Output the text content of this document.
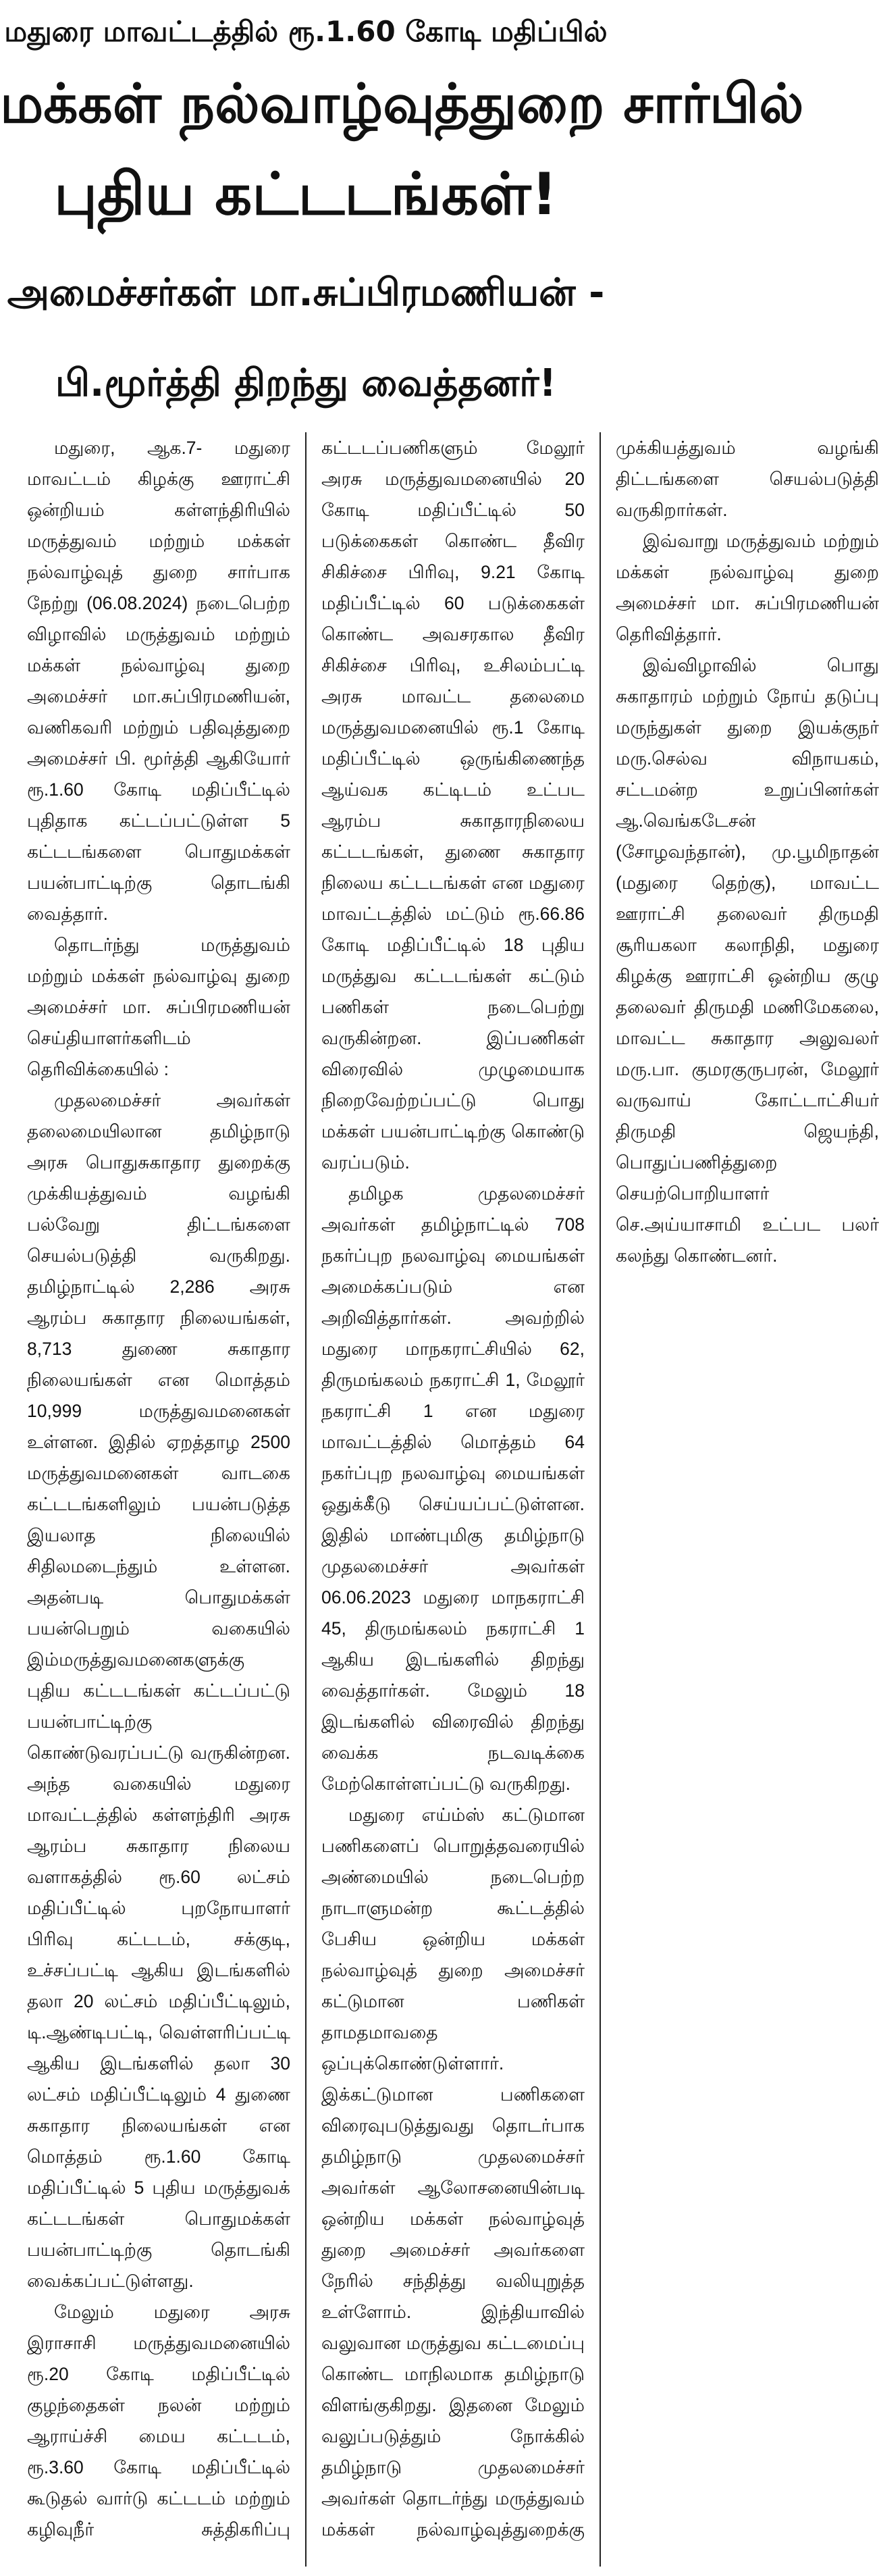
மதுரை மாவட்டத்தில் ரூ.1.60 கோடி மதிப்பில்
மக்கள் நல்வாழ்வுத்துறை சார்பில்
புதிய கட்டடங்கள்!
அமைச்சர்கள் மா.சுப்பிரமணியன் -
பி.மூர்த்தி திறந்து வைத்தனர்!

மதுரை, ஆக.7- மதுரை மாவட்டம் கிழக்கு ஊராட்சி ஒன்றியம் கள்ளந்திரியில் மருத்துவம் மற்றும் மக்கள் நல்வாழ்வுத் துறை சார்பாக நேற்று (06.08.2024) நடைபெற்ற விழாவில் மருத்துவம் மற்றும் மக்கள் நல்வாழ்வு துறை அமைச்சர் மா.சுப்பிரமணியன், வணிகவரி மற்றும் பதிவுத்துறை அமைச்சர் பி. மூர்த்தி ஆகியோர் ரூ.1.60 கோடி மதிப்பீட்டில் புதிதாக கட்டப்பட்டுள்ள 5 கட்டடங்களை பொதுமக்கள் பயன்பாட்டிற்கு தொடங்கி வைத்தார்.

தொடர்ந்து மருத்துவம் மற்றும் மக்கள் நல்வாழ்வு துறை அமைச்சர் மா. சுப்பிரமணியன் செய்தியாளர்களிடம் தெரிவிக்கையில் :

முதலமைச்சர் அவர்கள் தலைமையிலான தமிழ்நாடு அரசு பொதுசுகாதார துறைக்கு முக்கியத்துவம் வழங்கி பல்வேறு திட்டங்களை செயல்படுத்தி வருகிறது. தமிழ்நாட்டில் 2,286 அரசு ஆரம்ப சுகாதார நிலையங்கள், 8,713 துணை சுகாதார நிலையங்கள் என மொத்தம் 10,999 மருத்துவமனைகள் உள்ளன. இதில் ஏறத்தாழ 2500 மருத்துவமனைகள் வாடகை கட்டடங்களிலும் பயன்படுத்த இயலாத நிலையில் சிதிலமடைந்தும் உள்ளன. அதன்படி பொதுமக்கள் பயன்பெறும் வகையில் இம்மருத்துவமனைகளுக்கு புதிய கட்டடங்கள் கட்டப்பட்டு பயன்பாட்டிற்கு கொண்டுவரப்பட்டு வருகின்றன. அந்த வகையில் மதுரை மாவட்டத்தில் கள்ளந்திரி அரசு ஆரம்ப சுகாதார நிலைய வளாகத்தில் ரூ.60 லட்சம் மதிப்பீட்டில் புறநோயாளர் பிரிவு கட்டடம், சக்குடி, உச்சப்பட்டி ஆகிய இடங்களில் தலா 20 லட்சம் மதிப்பீட்டிலும், டி.ஆண்டிபட்டி, வெள்ளரிப்பட்டி ஆகிய இடங்களில் தலா 30 லட்சம் மதிப்பீட்டிலும் 4 துணை சுகாதார நிலையங்கள் என மொத்தம் ரூ.1.60 கோடி மதிப்பீட்டில் 5 புதிய மருத்துவக் கட்டடங்கள் பொதுமக்கள் பயன்பாட்டிற்கு தொடங்கி வைக்கப்பட்டுள்ளது.

மேலும் மதுரை அரசு இராசாசி மருத்துவமனையில் ரூ.20 கோடி மதிப்பீட்டில் குழந்தைகள் நலன் மற்றும் ஆராய்ச்சி மைய கட்டடம், ரூ.3.60 கோடி மதிப்பீட்டில் கூடுதல் வார்டு கட்டடம் மற்றும் கழிவுநீர் சுத்திகரிப்பு கட்டடப்பணிகளும் மேலூர் அரசு மருத்துவமனையில் 20 கோடி மதிப்பீட்டில் 50 படுக்கைகள் கொண்ட தீவிர சிகிச்சை பிரிவு, 9.21 கோடி மதிப்பீட்டில் 60 படுக்கைகள் கொண்ட அவசரகால தீவிர சிகிச்சை பிரிவு, உசிலம்பட்டி அரசு மாவட்ட தலைமை மருத்துவமனையில் ரூ.1 கோடி மதிப்பீட்டில் ஒருங்கிணைந்த ஆய்வக கட்டிடம் உட்பட ஆரம்ப சுகாதாரநிலைய கட்டடங்கள், துணை சுகாதார நிலைய கட்டடங்கள் என மதுரை மாவட்டத்தில் மட்டும் ரூ.66.86 கோடி மதிப்பீட்டில் 18 புதிய மருத்துவ கட்டடங்கள் கட்டும் பணிகள் நடைபெற்று வருகின்றன. இப்பணிகள் விரைவில் முழுமையாக நிறைவேற்றப்பட்டு பொது மக்கள் பயன்பாட்டிற்கு கொண்டு வரப்படும்.

தமிழக முதலமைச்சர் அவர்கள் தமிழ்நாட்டில் 708 நகர்ப்புற நலவாழ்வு மையங்கள் அமைக்கப்படும் என அறிவித்தார்கள். அவற்றில் மதுரை மாநகராட்சியில் 62, திருமங்கலம் நகராட்சி 1, மேலூர் நகராட்சி 1 என மதுரை மாவட்டத்தில் மொத்தம் 64 நகர்ப்புற நலவாழ்வு மையங்கள் ஒதுக்கீடு செய்யப்பட்டுள்ளன. இதில் மாண்புமிகு தமிழ்நாடு முதலமைச்சர் அவர்கள் 06.06.2023 மதுரை மாநகராட்சி 45, திருமங்கலம் நகராட்சி 1 ஆகிய இடங்களில் திறந்து வைத்தார்கள். மேலும் 18 இடங்களில் விரைவில் திறந்து வைக்க நடவடிக்கை மேற்கொள்ளப்பட்டு வருகிறது.

மதுரை எய்ம்ஸ் கட்டுமான பணிகளைப் பொறுத்தவரையில் அண்மையில் நடைபெற்ற நாடாளுமன்ற கூட்டத்தில் பேசிய ஒன்றிய மக்கள் நல்வாழ்வுத் துறை அமைச்சர் கட்டுமான பணிகள் தாமதமாவதை ஒப்புக்கொண்டுள்ளார். இக்கட்டுமான பணிகளை விரைவுபடுத்துவது தொடர்பாக தமிழ்நாடு முதலமைச்சர் அவர்கள் ஆலோசனையின்படி ஒன்றிய மக்கள் நல்வாழ்வுத் துறை அமைச்சர் அவர்களை நேரில் சந்தித்து வலியுறுத்த உள்ளோம். இந்தியாவில் வலுவான மருத்துவ கட்டமைப்பு கொண்ட மாநிலமாக தமிழ்நாடு விளங்குகிறது. இதனை மேலும் வலுப்படுத்தும் நோக்கில் தமிழ்நாடு முதலமைச்சர் அவர்கள் தொடர்ந்து மருத்துவம் மக்கள் நல்வாழ்வுத்துறைக்கு முக்கியத்துவம் வழங்கி திட்டங்களை செயல்படுத்தி வருகிறார்கள்.

இவ்வாறு மருத்துவம் மற்றும் மக்கள் நல்வாழ்வு துறை அமைச்சர் மா. சுப்பிரமணியன் தெரிவித்தார்.

இவ்விழாவில் பொது சுகாதாரம் மற்றும் நோய் தடுப்பு மருந்துகள் துறை இயக்குநர் மரு.செல்வ விநாயகம், சட்டமன்ற உறுப்பினர்கள் ஆ.வெங்கடேசன் (சோழவந்தான்), மு.பூமிநாதன் (மதுரை தெற்கு), மாவட்ட ஊராட்சி தலைவர் திருமதி சூரியகலா கலாநிதி, மதுரை கிழக்கு ஊராட்சி ஒன்றிய குழு தலைவர் திருமதி மணிமேகலை, மாவட்ட சுகாதார அலுவலர் மரு.பா. குமரகுருபரன், மேலூர் வருவாய் கோட்டாட்சியர் திருமதி ஜெயந்தி, பொதுப்பணித்துறை செயற்பொறியாளர் செ.அய்யாசாமி உட்பட பலர் கலந்து கொண்டனர்.
